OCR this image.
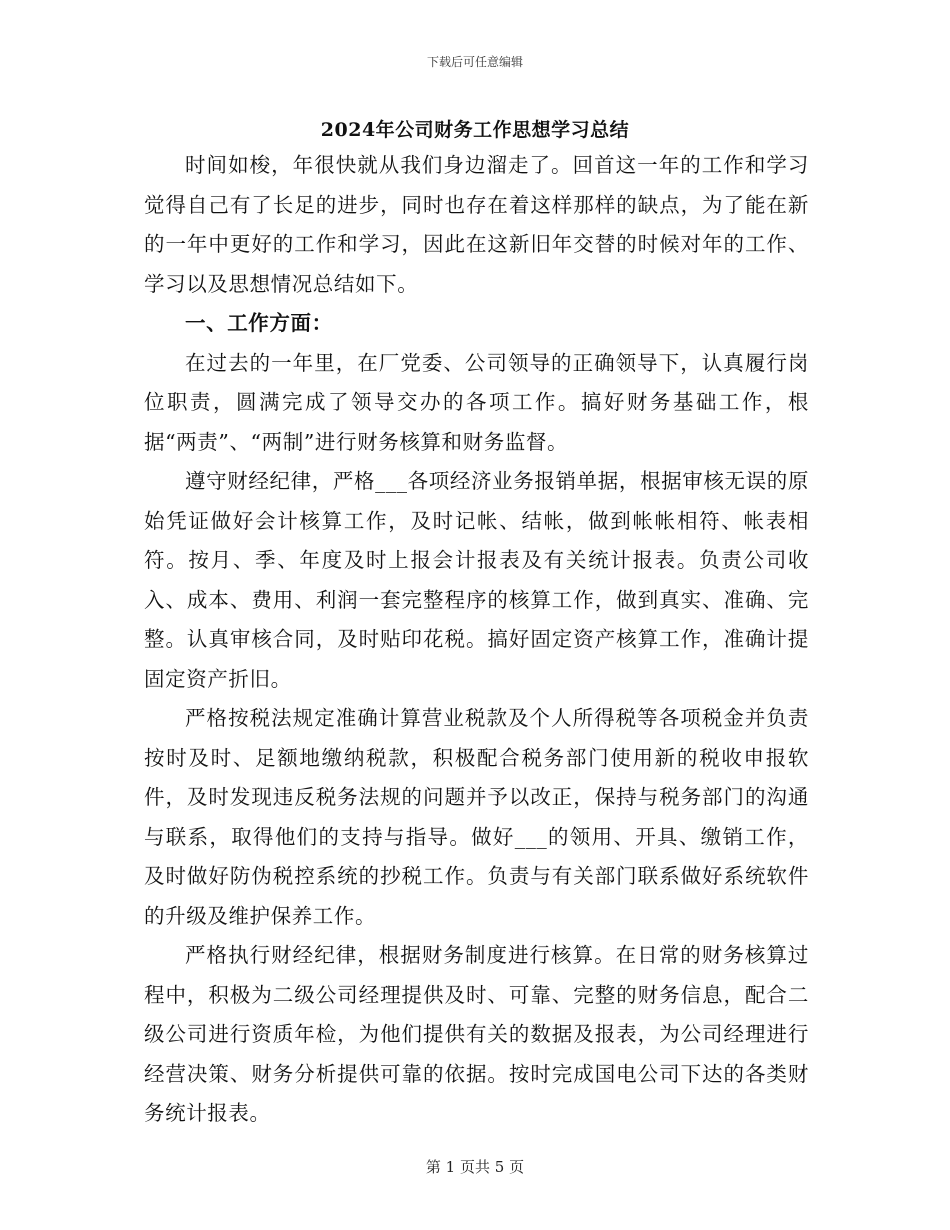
下载后可任意编辑
2024年公司财务工作思想学习总结

时间如梭，年很快就从我们身边溜走了。回首这一年的工作和学习觉得自己有了长足的进步，同时也存在着这样那样的缺点，为了能在新的一年中更好的工作和学习，因此在这新旧年交替的时候对年的工作、学习以及思想情况总结如下。

一、工作方面：

在过去的一年里，在厂党委、公司领导的正确领导下，认真履行岗位职责，圆满完成了领导交办的各项工作。搞好财务基础工作，根据“两责”、“两制”进行财务核算和财务监督。

遵守财经纪律，严格___各项经济业务报销单据，根据审核无误的原始凭证做好会计核算工作，及时记帐、结帐，做到帐帐相符、帐表相符。按月、季、年度及时上报会计报表及有关统计报表。负责公司收入、成本、费用、利润一套完整程序的核算工作，做到真实、准确、完整。认真审核合同，及时贴印花税。搞好固定资产核算工作，准确计提固定资产折旧。

严格按税法规定准确计算营业税款及个人所得税等各项税金并负责按时及时、足额地缴纳税款，积极配合税务部门使用新的税收申报软件，及时发现违反税务法规的问题并予以改正，保持与税务部门的沟通与联系，取得他们的支持与指导。做好___的领用、开具、缴销工作，及时做好防伪税控系统的抄税工作。负责与有关部门联系做好系统软件的升级及维护保养工作。

严格执行财经纪律，根据财务制度进行核算。在日常的财务核算过程中，积极为二级公司经理提供及时、可靠、完整的财务信息，配合二级公司进行资质年检，为他们提供有关的数据及报表，为公司经理进行经营决策、财务分析提供可靠的依据。按时完成国电公司下达的各类财务统计报表。

第 1 页共 5 页
